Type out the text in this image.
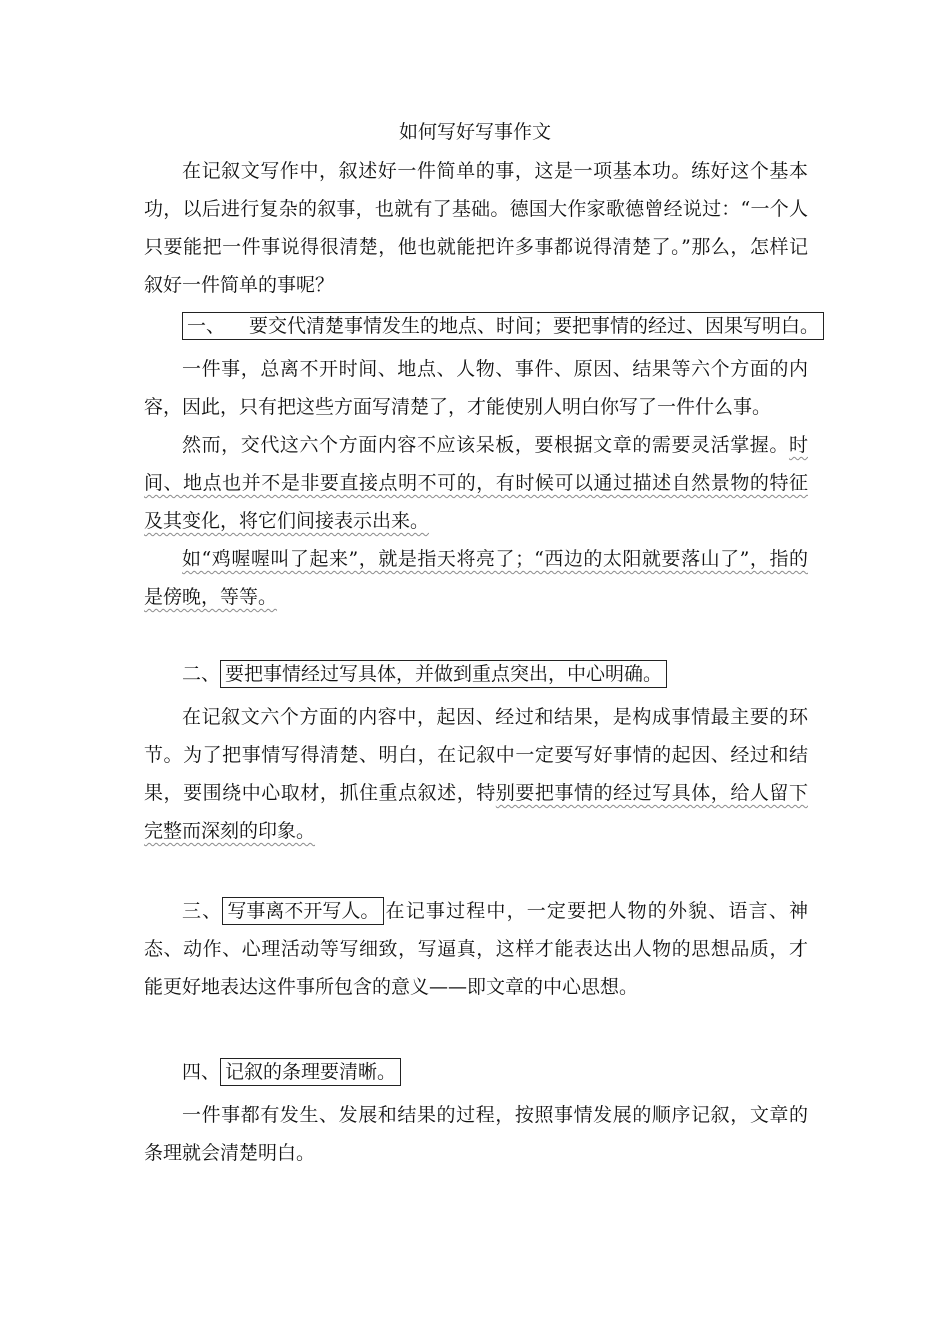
如何写好写事作文
在记叙文写作中，叙述好一件简单的事，这是一项基本功。练好这个基本功，以后进行复杂的叙事，也就有了基础。德国大作家歌德曾经说过：“一个人只要能把一件事说得很清楚，他也就能把许多事都说得清楚了。”那么，怎样记叙好一件简单的事呢？
一、 要交代清楚事情发生的地点、时间；要把事情的经过、因果写明白。
一件事，总离不开时间、地点、人物、事件、原因、结果等六个方面的内容，因此，只有把这些方面写清楚了，才能使别人明白你写了一件什么事。
然而，交代这六个方面内容不应该呆板，要根据文章的需要灵活掌握。时间、地点也并不是非要直接点明不可的，有时候可以通过描述自然景物的特征及其变化，将它们间接表示出来。
如“鸡喔喔叫了起来”，就是指天将亮了；“西边的太阳就要落山了”，指的是傍晚，等等。
二、 要把事情经过写具体，并做到重点突出，中心明确。
在记叙文六个方面的内容中，起因、经过和结果，是构成事情最主要的环节。为了把事情写得清楚、明白，在记叙中一定要写好事情的起因、经过和结果，要围绕中心取材，抓住重点叙述，特别要把事情的经过写具体，给人留下完整而深刻的印象。
三、 写事离不开写人。 在记事过程中，一定要把人物的外貌、语言、神态、动作、心理活动等写细致，写逼真，这样才能表达出人物的思想品质，才能更好地表达这件事所包含的意义——即文章的中心思想。
四、 记叙的条理要清晰。
一件事都有发生、发展和结果的过程，按照事情发展的顺序记叙，文章的条理就会清楚明白。
